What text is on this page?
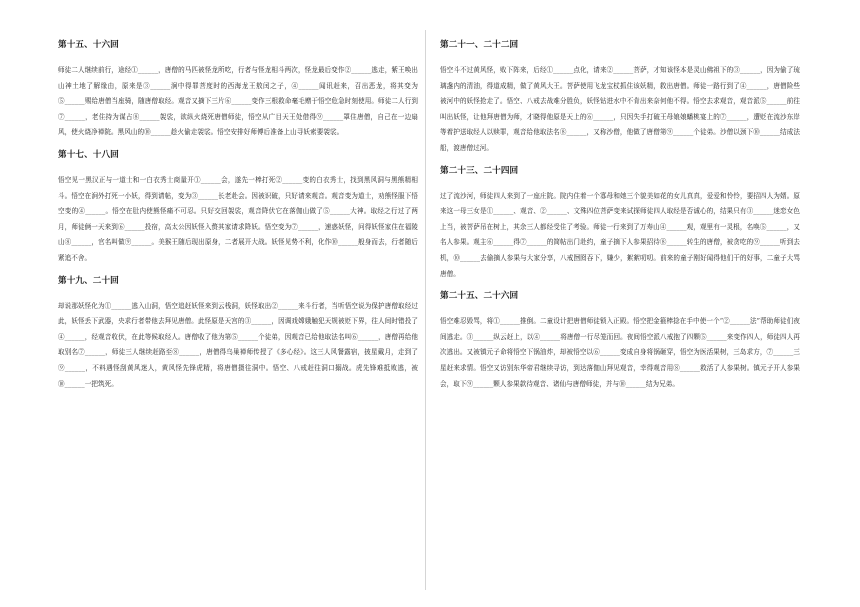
第十五、十六回

师徒二人继续前行，途经①______，唐僧的马匹被怪龙所吃，行者与怪龙相斗两次，怪龙最后变作②______逃走，紫王唤出山神土地了解缘由，原来是③______涧中得罪菩度时的西海龙王敖闰之子，④______闻讯赶来，召出恶龙，将其变为⑤______赐给唐僧当座骑，随唐僧取经。观音又摘下三片⑥______变作三根救命毫毛赠于悟空危急时刻使用。师徒二人行到⑦______，老住持为谋占⑧______袈裟，欲纵火烧死唐僧师徒，悟空从广目天王处借得⑨______罩住唐僧，自己在一边扇风，使火烧净禅院。黑风山的⑩______趁火偷走袈裟。悟空安排好师傅后准备上山寻妖索要袈裟。

第十七、十八回

悟空见一黑汉正与一道士和一白衣秀士商量开①______会，遂先一棒打死②______变的白衣秀士，找到黑风洞与黑熊精相斗。悟空在涧外打死一小妖，得到请帖，变为③______长老赴会。因被识破，只好请来观音。观音变为道士，劝熊怪服下悟空变的④______。悟空在肚内使熊怪痛不可忍。只好交回袈裟，观音降伏它在落伽山做了⑤______大神。取经之行过了两月，师徒俩一天来到⑥______投宿，高太公因妖怪入赘其家请求降妖。悟空变为⑦______，速惑妖怪，问得妖怪家住在福陵山⑧______，官名叫做⑨______。美猴王随后现出原身，二者展开大战。妖怪见势不利，化作⑩______般身而去，行者随后紧追不舍。

第十九、二十回

却说那妖怪化为①______逃入山洞，悟空追赶妖怪来到云栈洞，妖怪取出②______来斗行者，当听悟空说为保护唐僧取经过此，妖怪丢下武器，央求行者带他去拜见唐僧。此怪原是天宫的③______，因调戏嫦娥触犯天规被贬下界，往人间时错投了④______，经观音收伏，在此等候取经人。唐僧收了他为第⑤______个徒弟，因观音已给他取法名叫⑥______，唐僧再给他取别名⑦______，师徒三人继续赶路至⑧______，唐僧得乌巢禅师传授了《多心经》。这三人风餐露宿，披星戴月，走到了⑨______，不料遇怪刮黄风迷人，黄风怪先锋虎精，将唐僧摄往洞中。悟空、八戒赶往洞口搦战。虎先锋难抵败逃，被⑩______一把筑死。

第二十一、二十二回

悟空斗不过黄风怪，败下阵来，后经①______点化，请来②______菩萨，才知该怪本是灵山佛祖下的③______，因为偷了琉璃盏内的清油，得道成精，做了黄风大王。菩萨使用飞龙宝杖抓住该妖精，救出唐僧。师徒一路行到了④______，唐僧险些被河中的妖怪抢走了。悟空、八戒去战难分胜负，妖怪钻进水中不肯出来奈何他不得。悟空去求观音，观音派⑤______前往叫出妖怪，让他拜唐僧为师，才晓得他原是天上的⑥______，只因失手打破王母娘娘蟠桃宴上的⑦______，遭贬在流沙东岸等着护送取经人以赎罪，观音给他取法名⑧______，又称沙僧，他做了唐僧第⑨______个徒弟。沙僧以颈下⑩______结成法船，渡唐僧过河。

第二十三、二十四回

过了流沙河，师徒四人来到了一座庄院。院内住着一个寡母和她三个貌美如花的女儿真真，爱爱和怜怜，要招四人为婿。原来这一母三女是①______、观音、②______、文殊四位菩萨变来试探师徒四人取经是否诚心的，结果只有③______迷恋女色上当，被菩萨吊在树上，其余三人都经受住了考验。师徒一行来到了万寿山④______观，观里有一灵根，名唤⑤______，又名人参果。观主⑥______得⑦______的简帖出门赴约，童子摘下人参果招待⑧______转生的唐僧，被贪吃的⑨______听到去机，⑩______去偷摘人参果与大家分享，八戒囫囵吞下，嫌少，絮絮叨叨。前来的童子刚好闻得他们干的好事，二童子大骂唐僧。

第二十五、二十六回

悟空难忍毁骂，将①______推倒。二童设计把唐僧师徒锁入正殿。悟空把金箍棒捻在手中使一个“②______法”帮助师徒们夜间逃走。③______纵云赶上，以④______将唐僧一行尽笼而回。夜间悟空派八戒抱了四颗⑤______来变作四人，师徒四人再次逃出。又被镇元子命将悟空下锅油炸，却被悟空以⑥______变成自身将锅砸穿，悟空为医活果树，三岛求方，⑦______三星赶来求情。悟空又访别东华帝君继续寻访，到达落伽山拜见观音，幸得观音用⑧______救活了人参果树。镇元子开人参果会，取下⑨______颗人参果款待观音、诸仙与唐僧师徒，并与⑩______结为兄弟。
